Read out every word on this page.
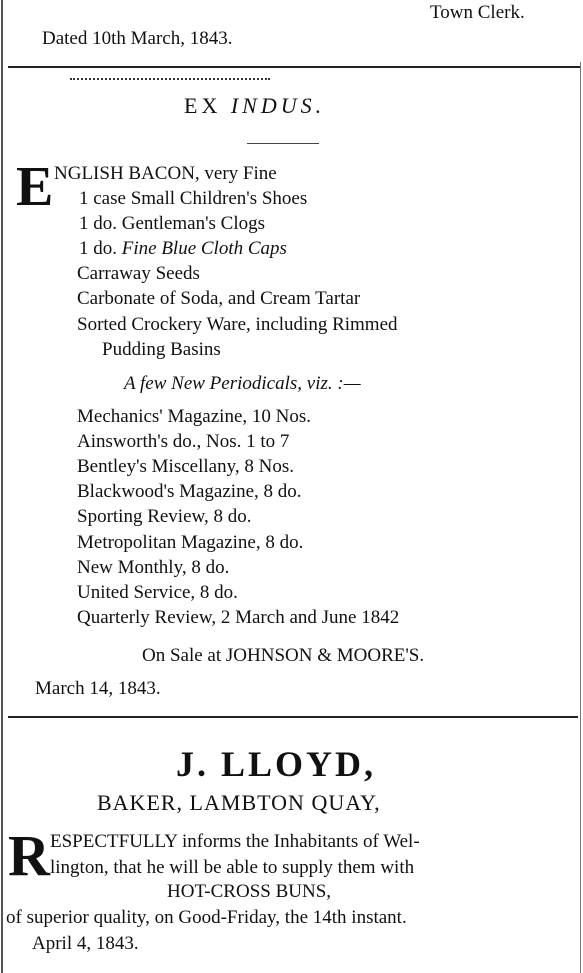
Town Clerk.
Dated 10th March, 1843.
EX INDUS.
E NGLISH BACON, very Fine
1 case Small Children's Shoes
1 do. Gentleman's Clogs
1 do. Fine Blue Cloth Caps
Carraway Seeds
Carbonate of Soda, and Cream Tartar
Sorted Crockery Ware, including Rimmed
Pudding Basins
A few New Periodicals, viz. :—
Mechanics' Magazine, 10 Nos.
Ainsworth's do., Nos. 1 to 7
Bentley's Miscellany, 8 Nos.
Blackwood's Magazine, 8 do.
Sporting Review, 8 do.
Metropolitan Magazine, 8 do.
New Monthly, 8 do.
United Service, 8 do.
Quarterly Review, 2 March and June 1842
On Sale at JOHNSON & MOORE'S.
March 14, 1843.
J. LLOYD,
BAKER, LAMBTON QUAY,
R ESPECTFULLY informs the Inhabitants of Wel-
lington, that he will be able to supply them with
HOT-CROSS BUNS,
of superior quality, on Good-Friday, the 14th instant.
April 4, 1843.
